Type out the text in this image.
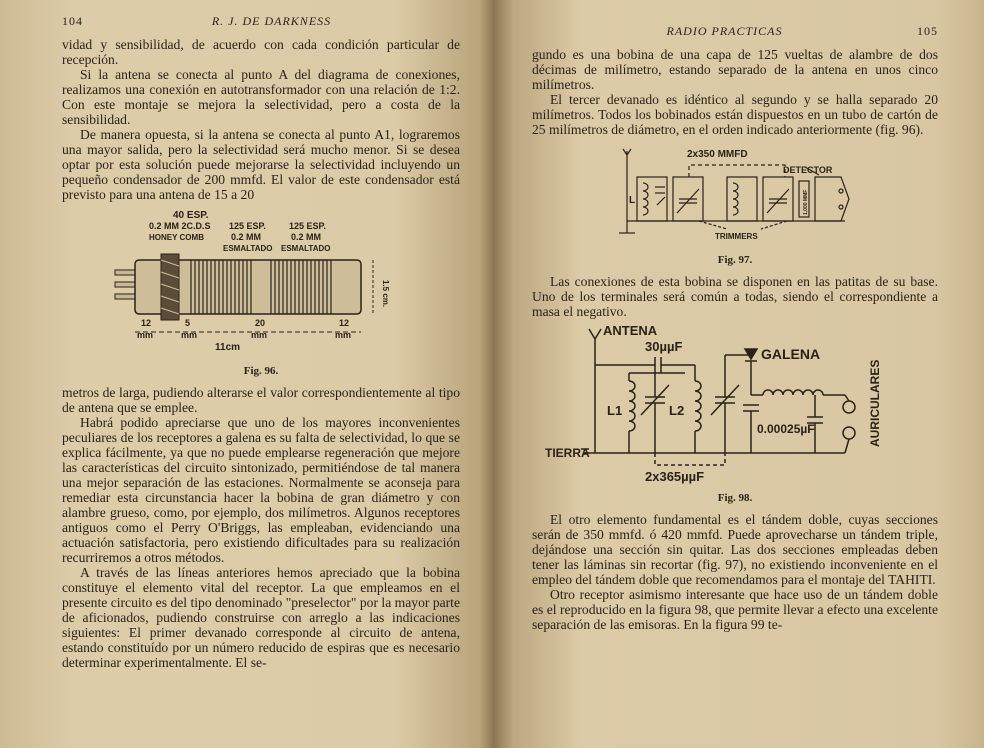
104	R. J. DE DARKNESS

vidad y sensibilidad, de acuerdo con cada condición particular de recepción.

Si la antena se conecta al punto A del diagrama de conexiones, realizamos una conexión en autotransformador con una relación de 1:2. Con este montaje se mejora la selectividad, pero a costa de la sensibilidad.

De manera opuesta, si la antena se conecta al punto A1, lograremos una mayor salida, pero la selectividad será mucho menor. Si se desea optar por esta solución puede mejorarse la selectividad incluyendo un pequeño condensador de 200 mmfd. El valor de este condensador está previsto para una antena de 15 a 20

40 ESP.
0.2 MM 2C.D.S
HONEY COMB
125 ESP.
0.2 MM
ESMALTADO
125 ESP.
0.2 MM
ESMALTADO
1.5 cm.
12
mm
5
mm
20
mm
12
mm
11cm
Fig. 96.

metros de larga, pudiendo alterarse el valor correspondientemente al tipo de antena que se emplee.

Habrá podido apreciarse que uno de los mayores inconvenientes peculiares de los receptores a galena es su falta de selectividad, lo que se explica fácilmente, ya que no puede emplearse regeneración que mejore las características del circuito sintonizado, permitiéndose de tal manera una mejor separación de las estaciones. Normalmente se aconseja para remediar esta circunstancia hacer la bobina de gran diámetro y con alambre grueso, como, por ejemplo, dos milímetros. Algunos receptores antiguos como el Perry O'Briggs, las empleaban, evidenciando una actuación satisfactoria, pero existiendo dificultades para su realización recurriremos a otros métodos.

A través de las líneas anteriores hemos apreciado que la bobina constituye el elemento vital del receptor. La que empleamos en el presente circuito es del tipo denominado "preselector" por la mayor parte de aficionados, pudiendo construirse con arreglo a las indicaciones siguientes: El primer devanado corresponde al circuito de antena, estando constituído por un número reducido de espiras que es necesario determinar experimentalmente. El se-

RADIO PRACTICAS	105

gundo es una bobina de una capa de 125 vueltas de alambre de dos décimas de milímetro, estando separado de la antena en unos cinco milímetros.

El tercer devanado es idéntico al segundo y se halla separado 20 milímetros. Todos los bobinados están dispuestos en un tubo de cartón de 25 milímetros de diámetro, en el orden indicado anteriormente (fig. 96).

2x350 MMFD
DETECTOR
TRIMMERS
L	1,000 MMF
Fig. 97.

Las conexiones de esta bobina se disponen en las patitas de su base. Uno de los terminales será común a todas, siendo el correspondiente a masa el negativo.

ANTENA
30µµF	GALENA
L1	L2
TIERRA
2x365µµF
0.00025µF	AURICULARES
Fig. 98.

El otro elemento fundamental es el tándem doble, cuyas secciones serán de 350 mmfd. ó 420 mmfd. Puede aprovecharse un tándem triple, dejándose una sección sin quitar. Las dos secciones empleadas deben tener las láminas sin recortar (fig. 97), no existiendo inconveniente en el empleo del tándem doble que recomendamos para el montaje del TAHITI.

Otro receptor asimismo interesante que hace uso de un tándem doble es el reproducido en la figura 98, que permite llevar a efecto una excelente separación de las emisoras. En la figura 99 te-
